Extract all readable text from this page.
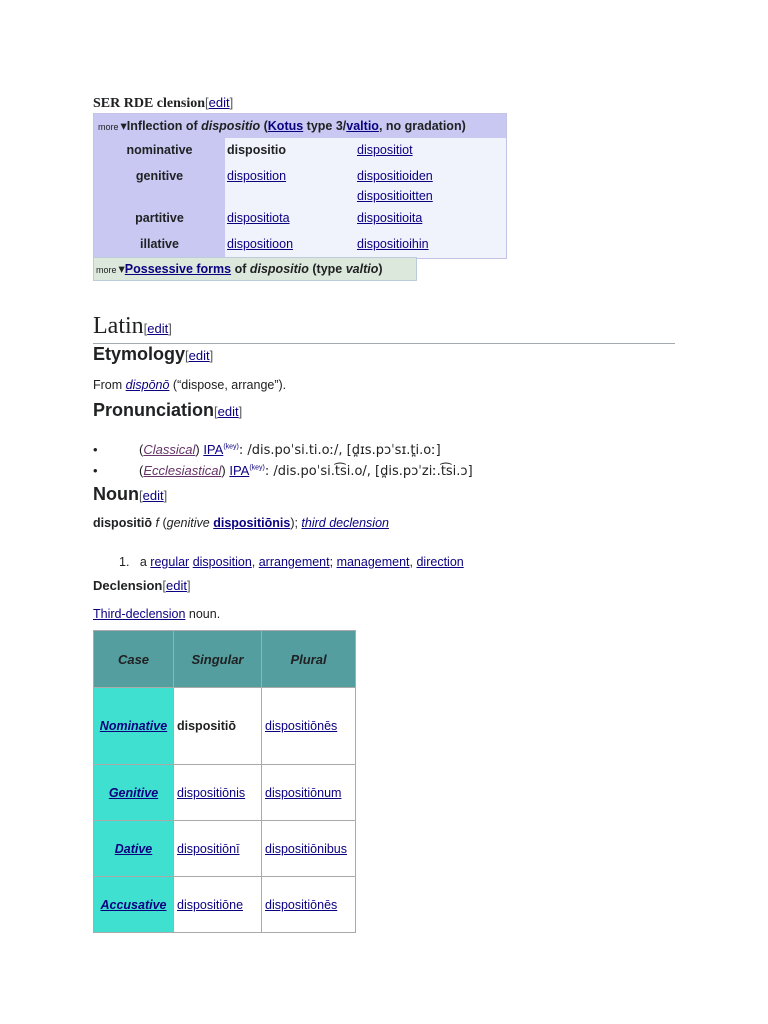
SER RDE clension[edit]
more ▾Inflection of dispositio (Kotus type 3/valtio, no gradation)
nominative	dispositio	dispositiot
genitive	disposition	dispositioiden
dispositioitten
partitive	dispositiota	dispositioita
illative	dispositioon	dispositioihin
more ▾Possessive forms of dispositio (type valtio)
Latin[edit]
Etymology[edit]
From dispōnō (“dispose, arrange”).
Pronunciation[edit]
•	(Classical) $IPA^{(key)}$: /dis.poˈsi.ti.oː/, [d̪ɪs.pɔˈsɪ.t̪i.oː]
•	(Ecclesiastical) $IPA^{(key)}$: /dis.poˈsi.t͡si.o/, [d̪is.pɔˈziː.t͡si.ɔ]
Noun[edit]
dispositiō f (genitive dispositiōnis); third declension
1. a regular disposition, arrangement; management, direction
Declension[edit]
Third-declension noun.
Case	Singular	Plural
Nominative	dispositiō	dispositiōnēs
Genitive	dispositiōnis	dispositiōnum
Dative	dispositiōnī	dispositiōnibus
Accusative	dispositiōne	dispositiōnēs
